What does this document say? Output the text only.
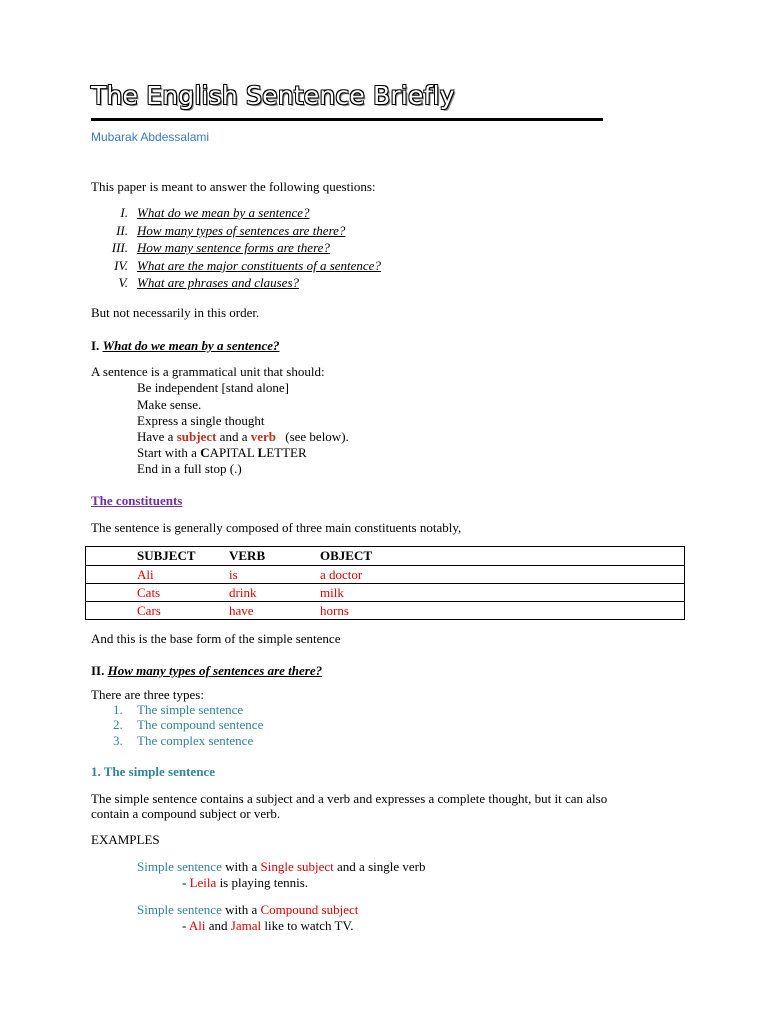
The English Sentence Briefly
Mubarak Abdessalami
This paper is meant to answer the following questions:
I. What do we mean by a sentence?
II. How many types of sentences are there?
III. How many sentence forms are there?
IV. What are the major constituents of a sentence?
V. What are phrases and clauses?
But not necessarily in this order.
I. What do we mean by a sentence?
A sentence is a grammatical unit that should:
Be independent [stand alone]
Make sense.
Express a single thought
Have a subject and a verb (see below).
Start with a CAPITAL LETTER
End in a full stop (.)
The constituents
The sentence is generally composed of three main constituents notably,
	SUBJECT	VERB	OBJECT
	Ali	is	a doctor
	Cats	drink	milk
	Cars	have	horns
And this is the base form of the simple sentence
II. How many types of sentences are there?
There are three types:
1. The simple sentence
2. The compound sentence
3. The complex sentence
1. The simple sentence
The simple sentence contains a subject and a verb and expresses a complete thought, but it can also
contain a compound subject or verb.
EXAMPLES
Simple sentence with a Single subject and a single verb
- Leila is playing tennis.
Simple sentence with a Compound subject
- Ali and Jamal like to watch TV.
